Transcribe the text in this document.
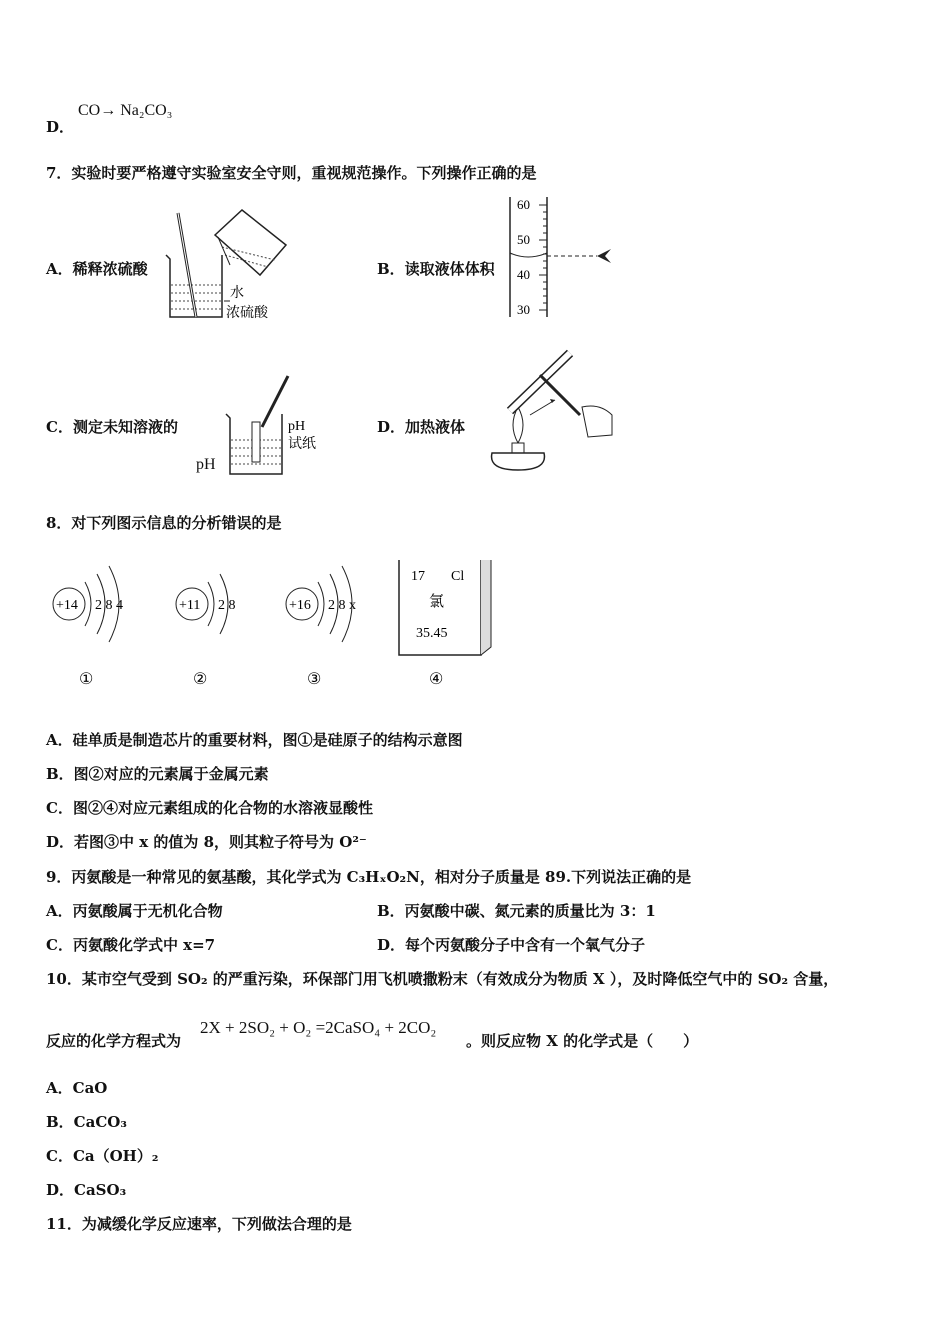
D．
CO→ Na₂CO₃
7．实验时要严格遵守实验室安全守则，重视规范操作。下列操作正确的是
A．稀释浓硫酸
水
浓硫酸
B．读取液体体积
60
50
40
30
C．测定未知溶液的
pH
pH
试纸
D．加热液体
8．对下列图示信息的分析错误的是
+14 2 8 4
①
+11 2 8
②
+16 2 8 x
③
17 Cl
氯
35.45
④
A．硅单质是制造芯片的重要材料，图①是硅原子的结构示意图
B．图②对应的元素属于金属元素
C．图②④对应元素组成的化合物的水溶液显酸性
D．若图③中 x 的值为 8，则其粒子符号为 O²⁻
9．丙氨酸是一种常见的氨基酸，其化学式为 C₃HₓO₂N，相对分子质量是 89.下列说法正确的是
A．丙氨酸属于无机化合物	B．丙氨酸中碳、氮元素的质量比为 3：1
C．丙氨酸化学式中 x=7	D．每个丙氨酸分子中含有一个氧气分子
10．某市空气受到 SO₂ 的严重污染，环保部门用飞机喷撒粉末（有效成分为物质 X ），及时降低空气中的 SO₂ 含量，
反应的化学方程式为
2X + 2SO₂ + O₂ =2CaSO₄ + 2CO₂
。则反应物 X 的化学式是（　　）
A．CaO
B．CaCO₃
C．Ca（OH）₂
D．CaSO₃
11．为减缓化学反应速率，下列做法合理的是
